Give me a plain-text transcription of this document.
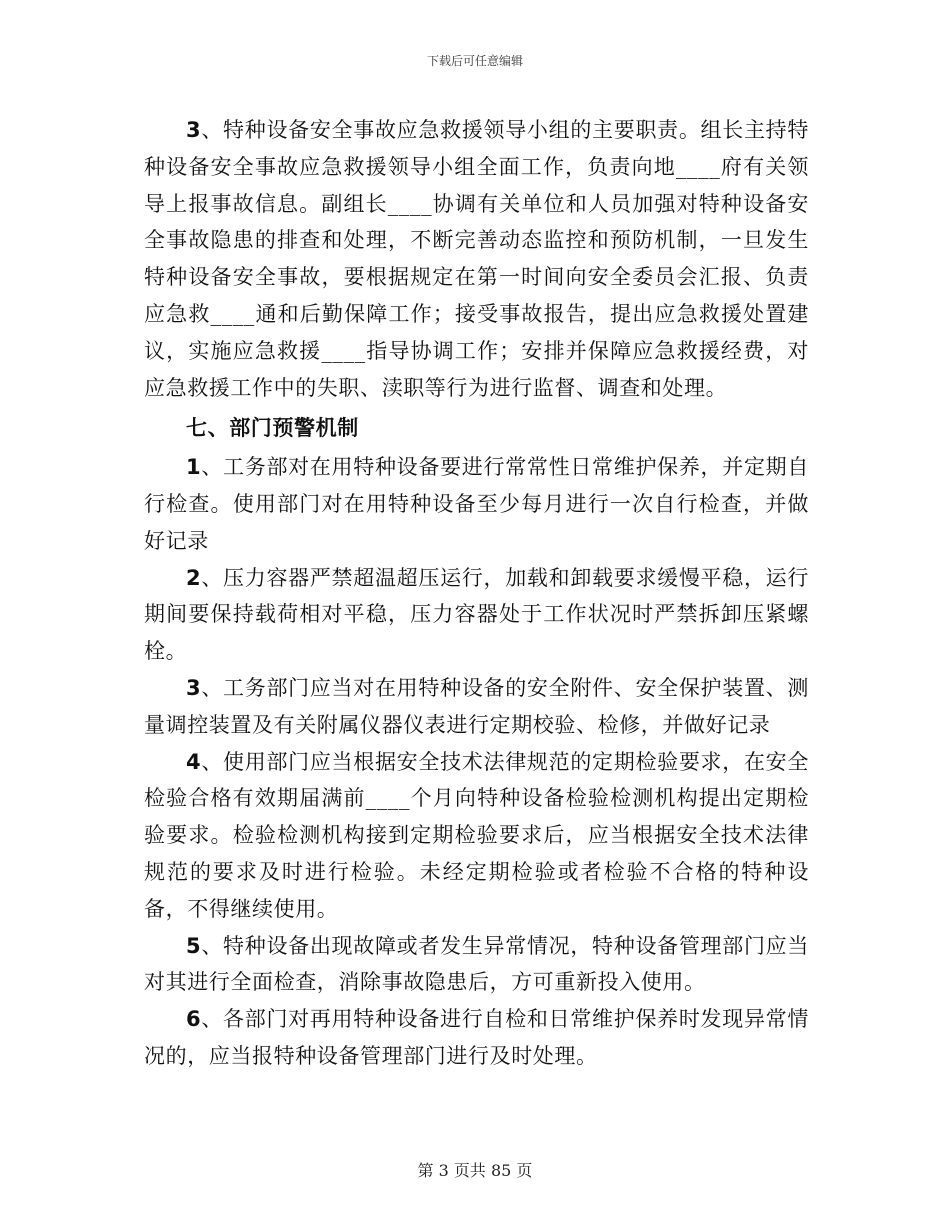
下载后可任意编辑

3、特种设备安全事故应急救援领导小组的主要职责。组长主持特种设备安全事故应急救援领导小组全面工作，负责向地____府有关领导上报事故信息。副组长____协调有关单位和人员加强对特种设备安全事故隐患的排查和处理，不断完善动态监控和预防机制，一旦发生特种设备安全事故，要根据规定在第一时间向安全委员会汇报、负责应急救____通和后勤保障工作；接受事故报告，提出应急救援处置建议，实施应急救援____指导协调工作；安排并保障应急救援经费，对应急救援工作中的失职、渎职等行为进行监督、调查和处理。

七、部门预警机制

1、工务部对在用特种设备要进行常常性日常维护保养，并定期自行检查。使用部门对在用特种设备至少每月进行一次自行检查，并做好记录

2、压力容器严禁超温超压运行，加载和卸载要求缓慢平稳，运行期间要保持载荷相对平稳，压力容器处于工作状况时严禁拆卸压紧螺栓。

3、工务部门应当对在用特种设备的安全附件、安全保护装置、测量调控装置及有关附属仪器仪表进行定期校验、检修，并做好记录

4、使用部门应当根据安全技术法律规范的定期检验要求，在安全检验合格有效期届满前____个月向特种设备检验检测机构提出定期检验要求。检验检测机构接到定期检验要求后，应当根据安全技术法律规范的要求及时进行检验。未经定期检验或者检验不合格的特种设备，不得继续使用。

5、特种设备出现故障或者发生异常情况，特种设备管理部门应当对其进行全面检查，消除事故隐患后，方可重新投入使用。

6、各部门对再用特种设备进行自检和日常维护保养时发现异常情况的，应当报特种设备管理部门进行及时处理。

第 3 页共 85 页
